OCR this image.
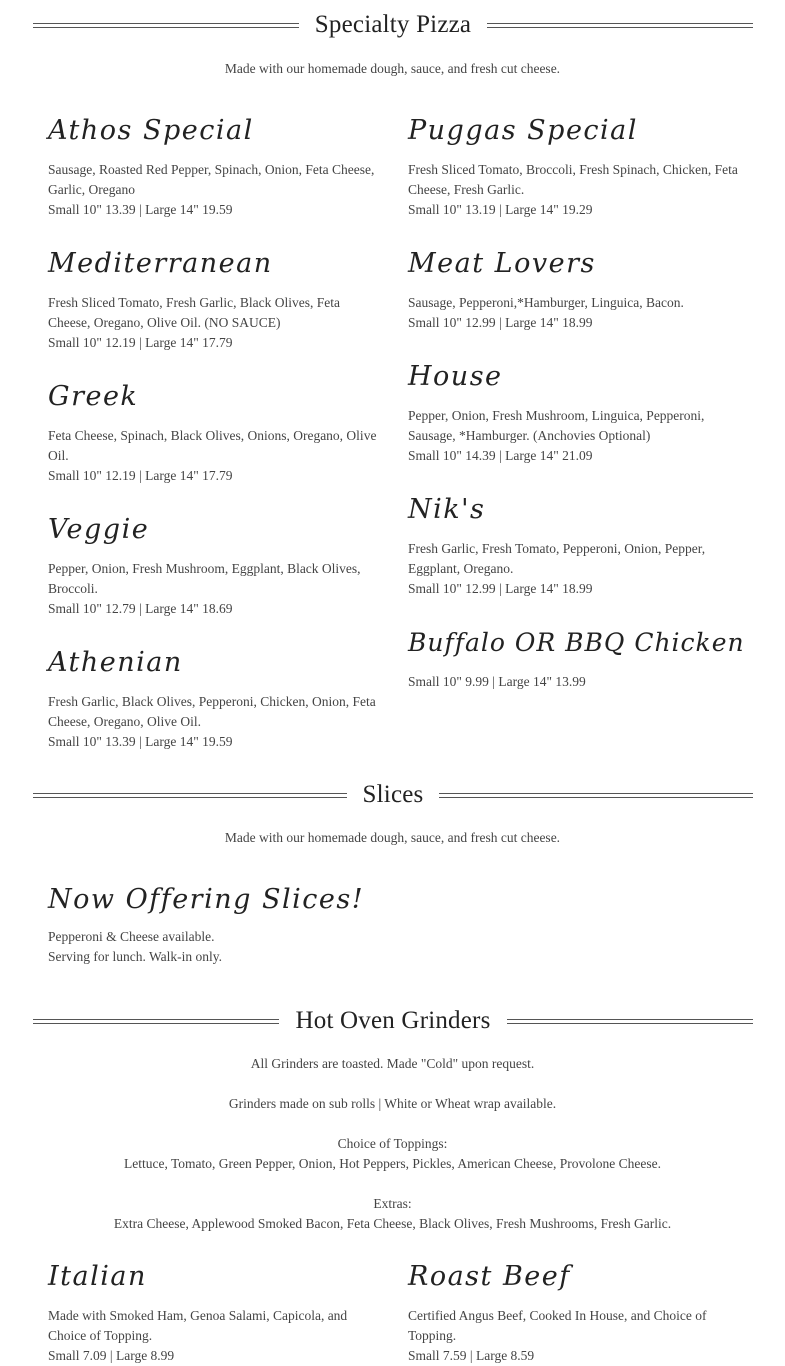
Specialty Pizza
Made with our homemade dough, sauce, and fresh cut cheese.
Athos Special
Sausage, Roasted Red Pepper, Spinach, Onion, Feta Cheese, Garlic, Oregano
Small 10" 13.39 | Large 14" 19.59
Mediterranean
Fresh Sliced Tomato, Fresh Garlic, Black Olives, Feta Cheese, Oregano, Olive Oil. (NO SAUCE)
Small 10" 12.19 | Large 14" 17.79
Greek
Feta Cheese, Spinach, Black Olives, Onions, Oregano, Olive Oil.
Small 10" 12.19 | Large 14" 17.79
Veggie
Pepper, Onion, Fresh Mushroom, Eggplant, Black Olives, Broccoli.
Small 10" 12.79 | Large 14" 18.69
Athenian
Fresh Garlic, Black Olives, Pepperoni, Chicken, Onion, Feta Cheese, Oregano, Olive Oil.
Small 10" 13.39 | Large 14" 19.59
Puggas Special
Fresh Sliced Tomato, Broccoli, Fresh Spinach, Chicken, Feta Cheese, Fresh Garlic.
Small 10" 13.19 | Large 14" 19.29
Meat Lovers
Sausage, Pepperoni,*Hamburger, Linguica, Bacon.
Small 10" 12.99 | Large 14" 18.99
House
Pepper, Onion, Fresh Mushroom, Linguica, Pepperoni, Sausage, *Hamburger. (Anchovies Optional)
Small 10" 14.39 | Large 14" 21.09
Nik's
Fresh Garlic, Fresh Tomato, Pepperoni, Onion, Pepper, Eggplant, Oregano.
Small 10" 12.99 | Large 14" 18.99
Buffalo OR BBQ Chicken
Small 10" 9.99 | Large 14" 13.99
Slices
Made with our homemade dough, sauce, and fresh cut cheese.
Now Offering Slices!
Pepperoni & Cheese available.
Serving for lunch. Walk-in only.
Hot Oven Grinders
All Grinders are toasted. Made "Cold" upon request.
Grinders made on sub rolls | White or Wheat wrap available.
Choice of Toppings:
Lettuce, Tomato, Green Pepper, Onion, Hot Peppers, Pickles, American Cheese, Provolone Cheese.
Extras:
Extra Cheese, Applewood Smoked Bacon, Feta Cheese, Black Olives, Fresh Mushrooms, Fresh Garlic.
Italian
Made with Smoked Ham, Genoa Salami, Capicola, and Choice of Topping.
Small 7.09 | Large 8.99
Roast Beef
Certified Angus Beef, Cooked In House, and Choice of Topping.
Small 7.59 | Large 8.59
